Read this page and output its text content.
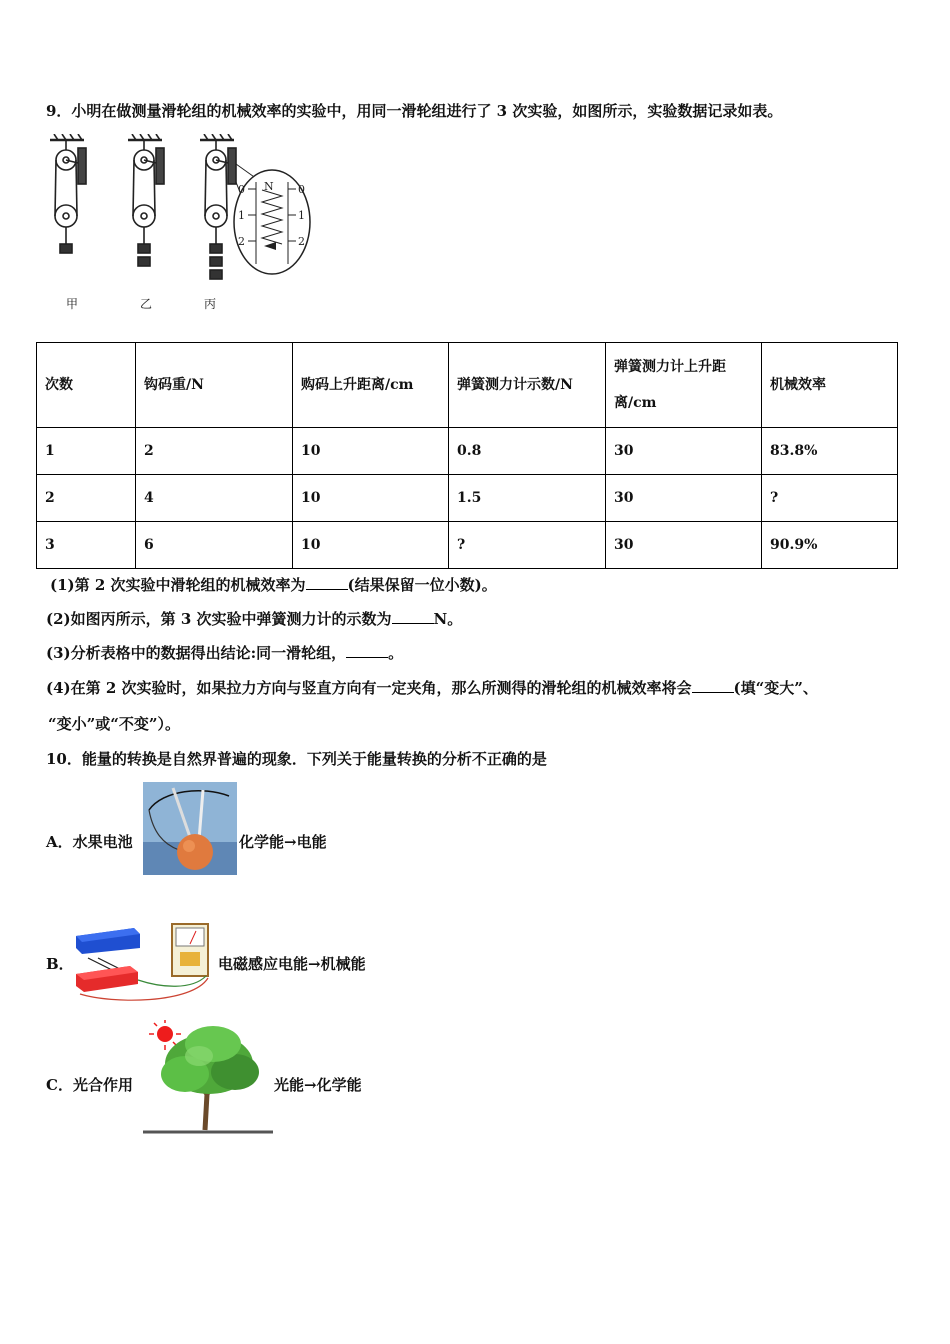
9．小明在做测量滑轮组的机械效率的实验中，用同一滑轮组进行了 3 次实验，如图所示，实验数据记录如表。
N
0
1
2
0
1
2
甲	乙	丙
次数	钩码重/N	购码上升距离/cm	弹簧测力计示数/N	弹簧测力计上升距离/cm	机械效率
1	2	10	0.8	30	83.8%
2	4	10	1.5	30	?
3	6	10	?	30	90.9%
(1)第 2 次实验中滑轮组的机械效率为	(结果保留一位小数)。
(2)如图丙所示，第 3 次实验中弹簧测力计的示数为	N。
(3)分析表格中的数据得出结论:同一滑轮组，	。
(4)在第 2 次实验时，如果拉力方向与竖直方向有一定夹角，那么所测得的滑轮组的机械效率将会	(填“变大”、
“变小”或“不变”）。
10．能量的转换是自然界普遍的现象．下列关于能量转换的分析不正确的是
A．水果电池	化学能→电能
B．	电磁感应电能→机械能
C．光合作用	光能→化学能
